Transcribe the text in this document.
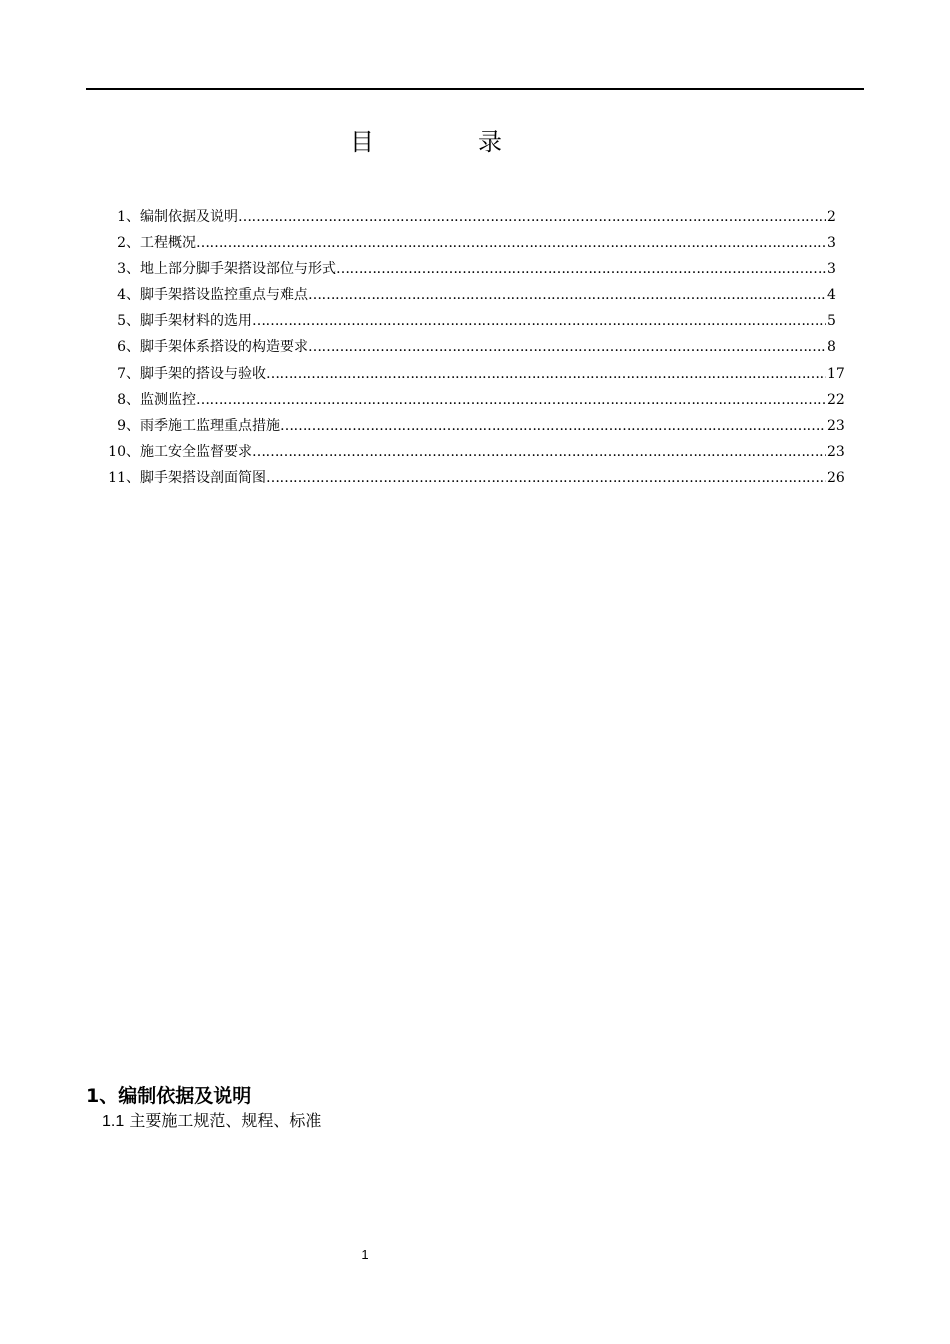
目　录
1、 编制依据及说明 ……………………………………………………………………………………………………………………………………………………………………………………………………………………………………………	2
2、 工程概况 ……………………………………………………………………………………………………………………………………………………………………………………………………………………………………………	3
3、 地上部分脚手架搭设部位与形式 ……………………………………………………………………………………………………………………………………………………………………………………………………………………………………………	3
4、 脚手架搭设监控重点与难点 ……………………………………………………………………………………………………………………………………………………………………………………………………………………………………………	4
5、 脚手架材料的选用 ……………………………………………………………………………………………………………………………………………………………………………………………………………………………………………	5
6、 脚手架体系搭设的构造要求 ……………………………………………………………………………………………………………………………………………………………………………………………………………………………………………	8
7、 脚手架的搭设与验收 ……………………………………………………………………………………………………………………………………………………………………………………………………………………………………………	17
8、 监测监控 ……………………………………………………………………………………………………………………………………………………………………………………………………………………………………………	22
9、 雨季施工监理重点措施 ……………………………………………………………………………………………………………………………………………………………………………………………………………………………………………	23
10、 施工安全监督要求 ……………………………………………………………………………………………………………………………………………………………………………………………………………………………………………	23
11、 脚手架搭设剖面简图 ……………………………………………………………………………………………………………………………………………………………………………………………………………………………………………	26
1、编制依据及说明
1.1 主要施工规范、规程、标准
1
